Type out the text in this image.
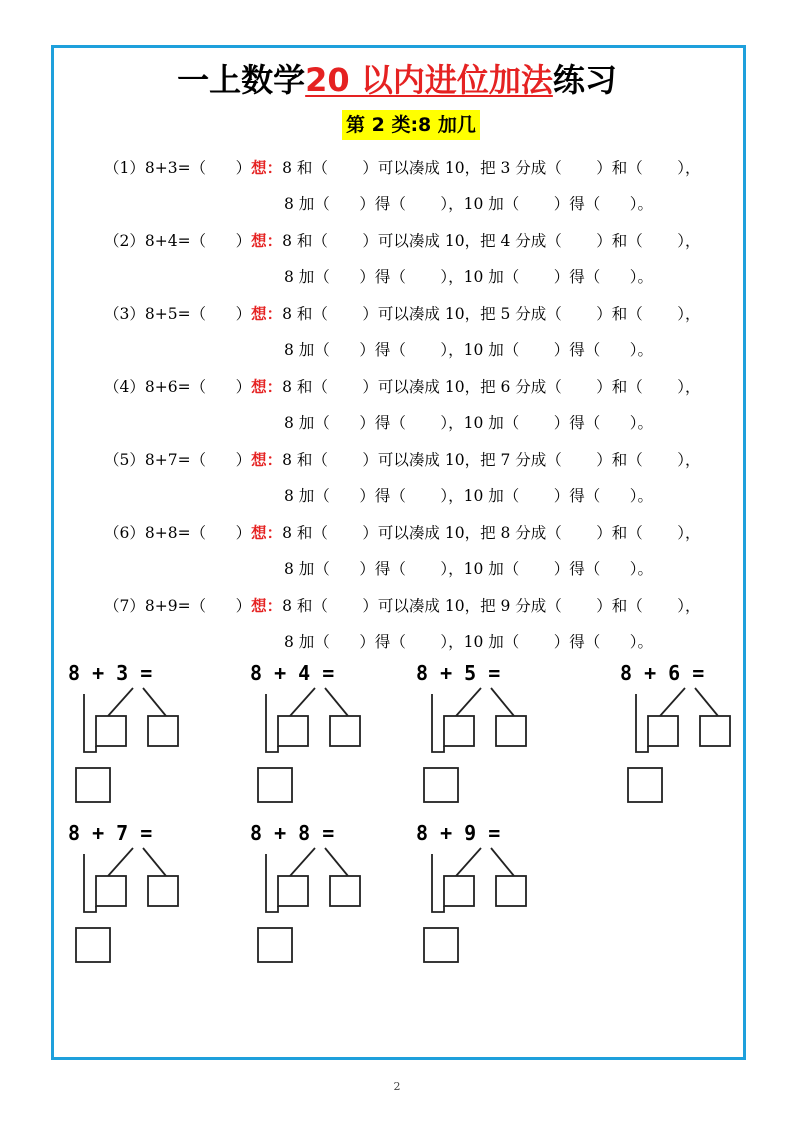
一上数学20 以内进位加法练习
第 2 类:8 加几
（1）8+3=（      ）想：8 和（       ）可以凑成 10，把 3 分成（       ）和（       ），
8 加（      ）得（       ），10 加（       ）得（      ）。
（2）8+4=（      ）想：8 和（       ）可以凑成 10，把 4 分成（       ）和（       ），
8 加（      ）得（       ），10 加（       ）得（      ）。
（3）8+5=（      ）想：8 和（       ）可以凑成 10，把 5 分成（       ）和（       ），
8 加（      ）得（       ），10 加（       ）得（      ）。
（4）8+6=（      ）想：8 和（       ）可以凑成 10，把 6 分成（       ）和（       ），
8 加（      ）得（       ），10 加（       ）得（      ）。
（5）8+7=（      ）想：8 和（       ）可以凑成 10，把 7 分成（       ）和（       ），
8 加（      ）得（       ），10 加（       ）得（      ）。
（6）8+8=（      ）想：8 和（       ）可以凑成 10，把 8 分成（       ）和（       ），
8 加（      ）得（       ），10 加（       ）得（      ）。
（7）8+9=（      ）想：8 和（       ）可以凑成 10，把 9 分成（       ）和（       ），
8 加（      ）得（       ），10 加（       ）得（      ）。
8 + 3 =	8 + 4 =	8 + 5 =	8 + 6 =
8 + 7 =	8 + 8 =	8 + 9 =
2
